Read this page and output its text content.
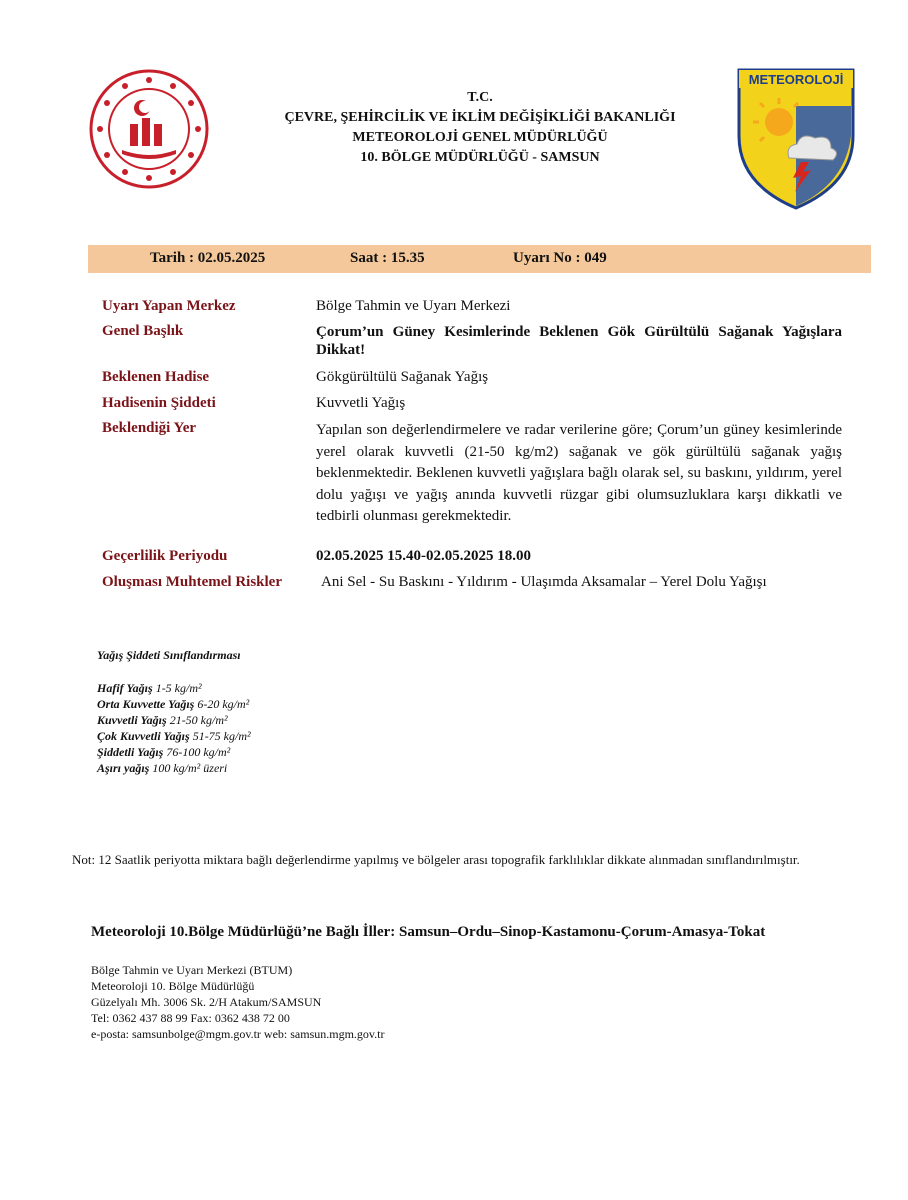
T.C.
ÇEVRE, ŞEHİRCİLİK VE İKLİM DEĞİŞİKLİĞİ BAKANLIĞI
METEOROLOJİ GENEL MÜDÜRLÜĞÜ
10. BÖLGE MÜDÜRLÜĞÜ - SAMSUN
METEOROLOJİ
Tarih : 02.05.2025	Saat : 15.35	Uyarı No : 049
Uyarı Yapan Merkez	Bölge Tahmin ve Uyarı Merkezi
Genel Başlık	Çorum’un Güney Kesimlerinde Beklenen Gök Gürültülü Sağanak Yağışlara Dikkat!
Beklenen Hadise	Gökgürültülü Sağanak Yağış
Hadisenin Şiddeti	Kuvvetli Yağış
Beklendiği Yer	Yapılan son değerlendirmelere ve radar verilerine göre; Çorum’un güney kesimlerinde yerel olarak kuvvetli (21-50 kg/m2) sağanak ve gök gürültülü sağanak yağış beklenmektedir. Beklenen kuvvetli yağışlara bağlı olarak sel, su baskını, yıldırım, yerel dolu yağışı ve yağış anında kuvvetli rüzgar gibi olumsuzluklara karşı dikkatli ve tedbirli olunması gerekmektedir.
Geçerlilik Periyodu	02.05.2025 15.40-02.05.2025 18.00
Oluşması Muhtemel Riskler	Ani Sel - Su Baskını - Yıldırım - Ulaşımda Aksamalar – Yerel Dolu Yağışı
Yağış Şiddeti Sınıflandırması
Hafif Yağış 1-5 kg/m²
Orta Kuvvette Yağış 6-20 kg/m²
Kuvvetli Yağış 21-50 kg/m²
Çok Kuvvetli Yağış 51-75 kg/m²
Şiddetli Yağış 76-100 kg/m²
Aşırı yağış 100 kg/m² üzeri
Not: 12 Saatlik periyotta miktara bağlı değerlendirme yapılmış ve bölgeler arası topografik farklılıklar dikkate alınmadan sınıflandırılmıştır.
Meteoroloji 10.Bölge Müdürlüğü’ne Bağlı İller: Samsun–Ordu–Sinop-Kastamonu-Çorum-Amasya-Tokat
Bölge Tahmin ve Uyarı Merkezi (BTUM)
Meteoroloji 10. Bölge Müdürlüğü
Güzelyalı Mh. 3006 Sk. 2/H Atakum/SAMSUN
Tel: 0362 437 88 99 Fax: 0362 438 72 00
e-posta: samsunbolge@mgm.gov.tr web: samsun.mgm.gov.tr
